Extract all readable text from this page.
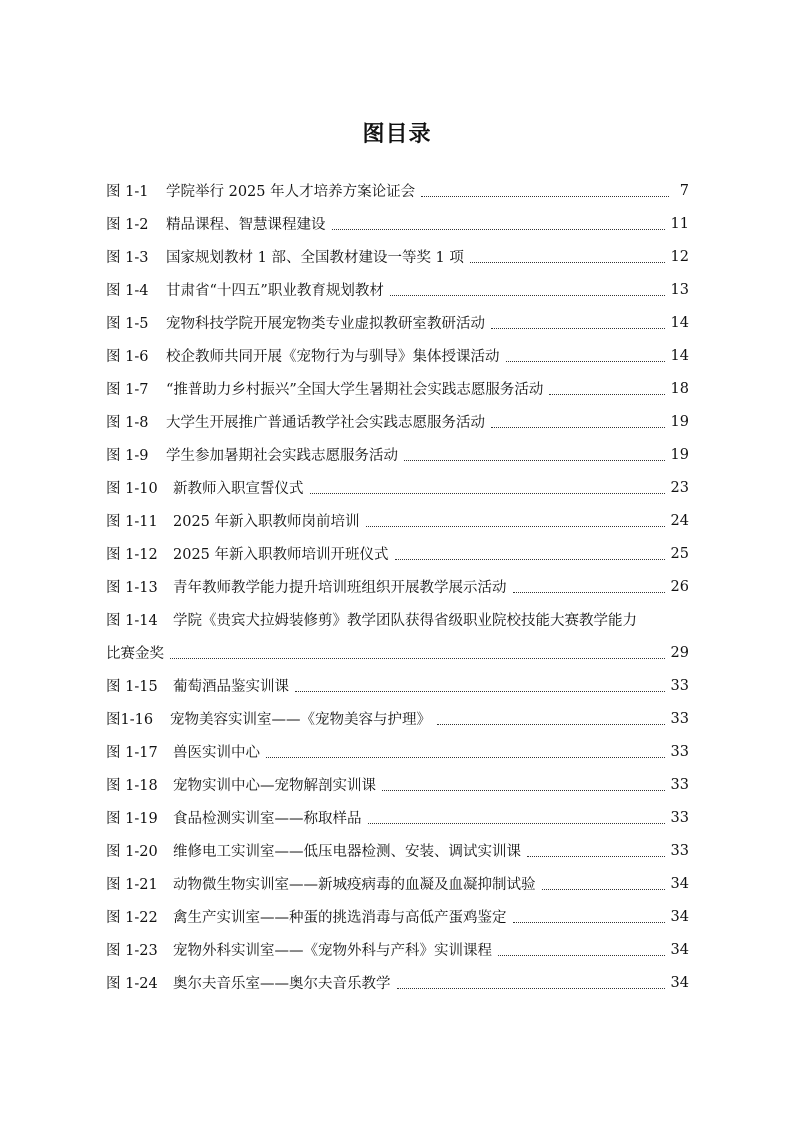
图目录
图 1-1	学院举行 2025 年人才培养方案论证会	7
图 1-2	精品课程、智慧课程建设	11
图 1-3	国家规划教材 1 部、全国教材建设一等奖 1 项	12
图 1-4	甘肃省“十四五”职业教育规划教材	13
图 1-5	宠物科技学院开展宠物类专业虚拟教研室教研活动	14
图 1-6	校企教师共同开展《宠物行为与驯导》集体授课活动	14
图 1-7	“推普助力乡村振兴”全国大学生暑期社会实践志愿服务活动	18
图 1-8	大学生开展推广普通话教学社会实践志愿服务活动	19
图 1-9	学生参加暑期社会实践志愿服务活动	19
图 1-10	新教师入职宣誓仪式	23
图 1-11	2025 年新入职教师岗前培训	24
图 1-12	2025 年新入职教师培训开班仪式	25
图 1-13	青年教师教学能力提升培训班组织开展教学展示活动	26
图 1-14	学院《贵宾犬拉姆装修剪》教学团队获得省级职业院校技能大赛教学能力
比赛金奖	29
图 1-15	葡萄酒品鉴实训课	33
图1-16	宠物美容实训室——《宠物美容与护理》	33
图 1-17	兽医实训中心	33
图 1-18	宠物实训中心—宠物解剖实训课	33
图 1-19	食品检测实训室——称取样品	33
图 1-20	维修电工实训室——低压电器检测、安装、调试实训课	33
图 1-21	动物微生物实训室——新城疫病毒的血凝及血凝抑制试验	34
图 1-22	禽生产实训室——种蛋的挑选消毒与高低产蛋鸡鉴定	34
图 1-23	宠物外科实训室——《宠物外科与产科》实训课程	34
图 1-24	奥尔夫音乐室——奥尔夫音乐教学	34
